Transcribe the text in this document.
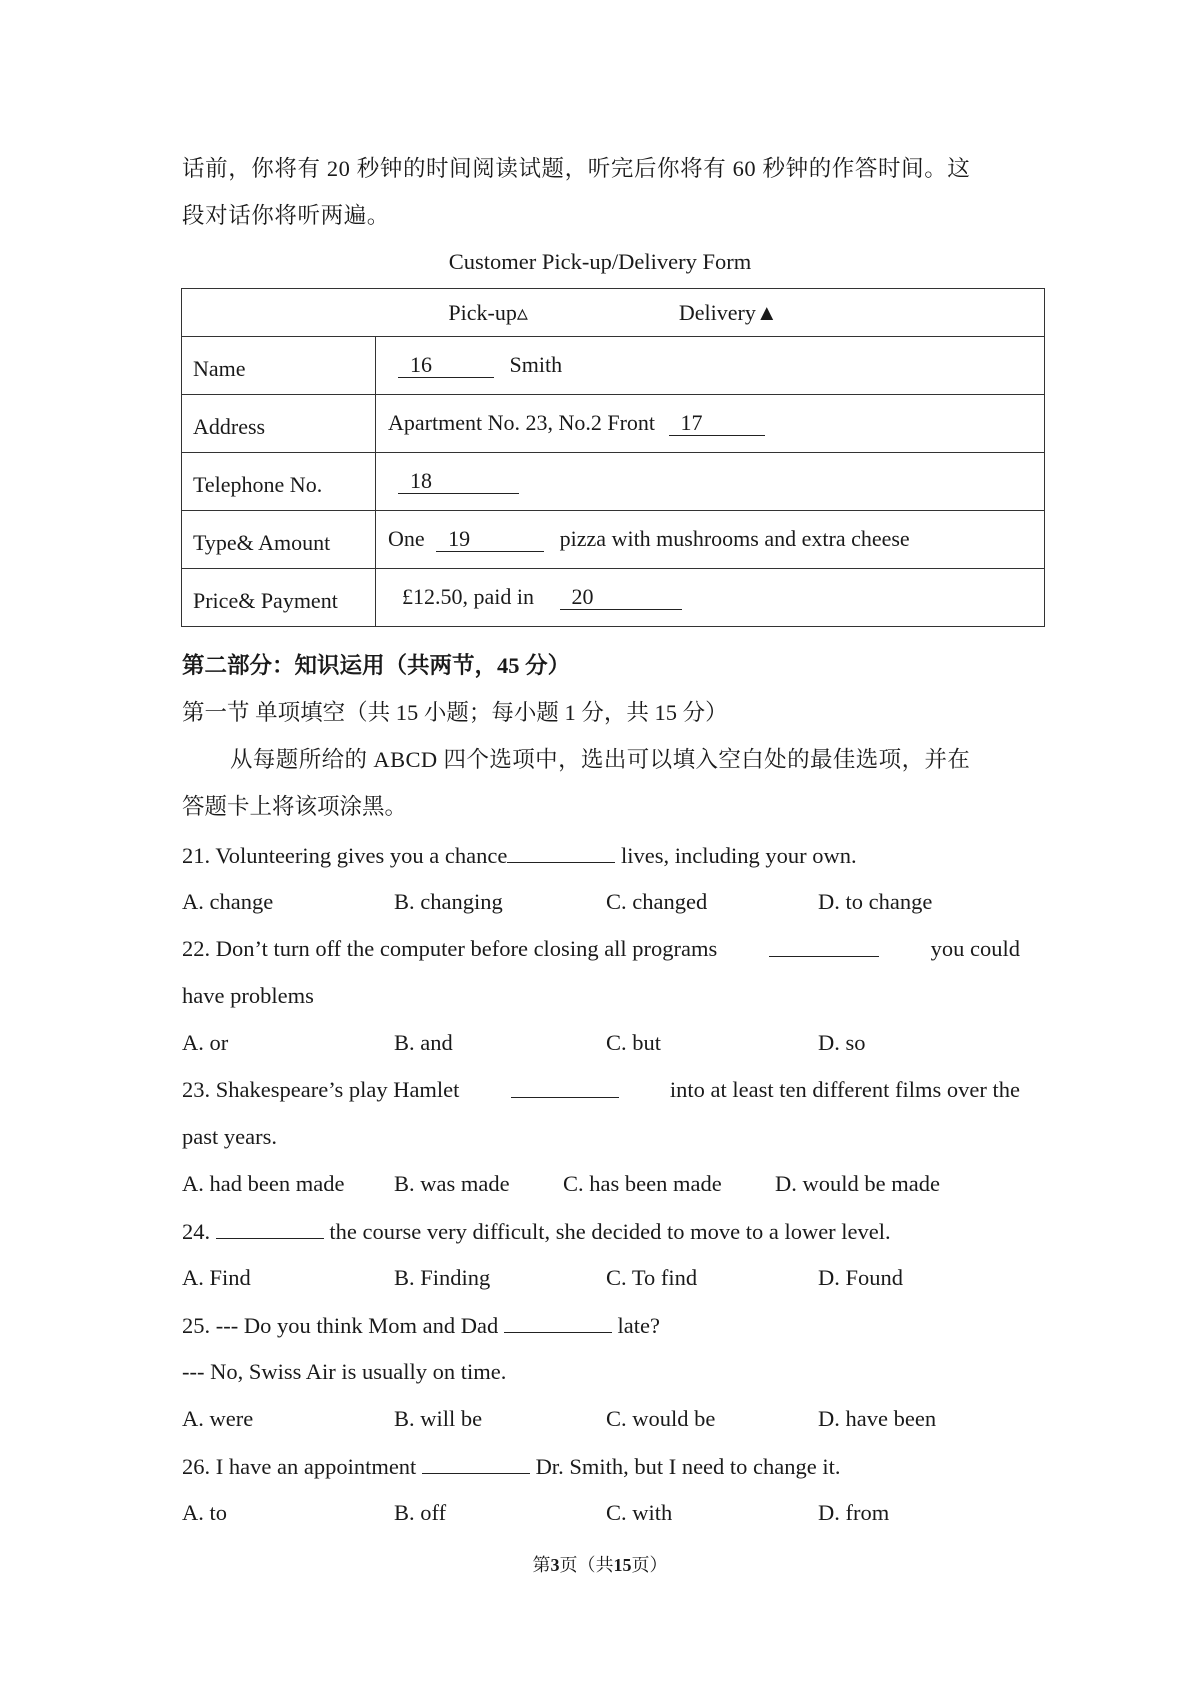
话前，你将有 20 秒钟的时间阅读试题，听完后你将有 60 秒钟的作答时间。这
段对话你将听两遍。
Customer Pick-up/Delivery Form
Pick-up▵ Delivery▲	
Name	16 Smith
Address	Apartment No. 23, No.2 Front 17
Telephone No.	18
Type& Amount	One 19 pizza with mushrooms and extra cheese
Price& Payment	£12.50, paid in 20
第二部分：知识运用（共两节，45 分）
第一节 单项填空（共 15 小题；每小题 1 分，共 15 分）
从每题所给的 ABCD 四个选项中，选出可以填入空白处的最佳选项，并在
答题卡上将该项涂黑。
21. Volunteering gives you a chance	lives, including your own.
A. change	B. changing	C. changed	D. to change
22. Don’t turn off the computer before closing all programs	you could
have problems
A. or	B. and	C. but	D. so
23. Shakespeare’s play Hamlet	into at least ten different films over the
past years.
A. had been made B. was made C. has been made D. would be made
24.	the course very difficult, she decided to move to a lower level.
A. Find	B. Finding	C. To find	D. Found
25. --- Do you think Mom and Dad	late?
--- No, Swiss Air is usually on time.
A. were	B. will be	C. would be	D. have been
26. I have an appointment	Dr. Smith, but I need to change it.
A. to	B. off	C. with	D. from
第3页（共15页）
